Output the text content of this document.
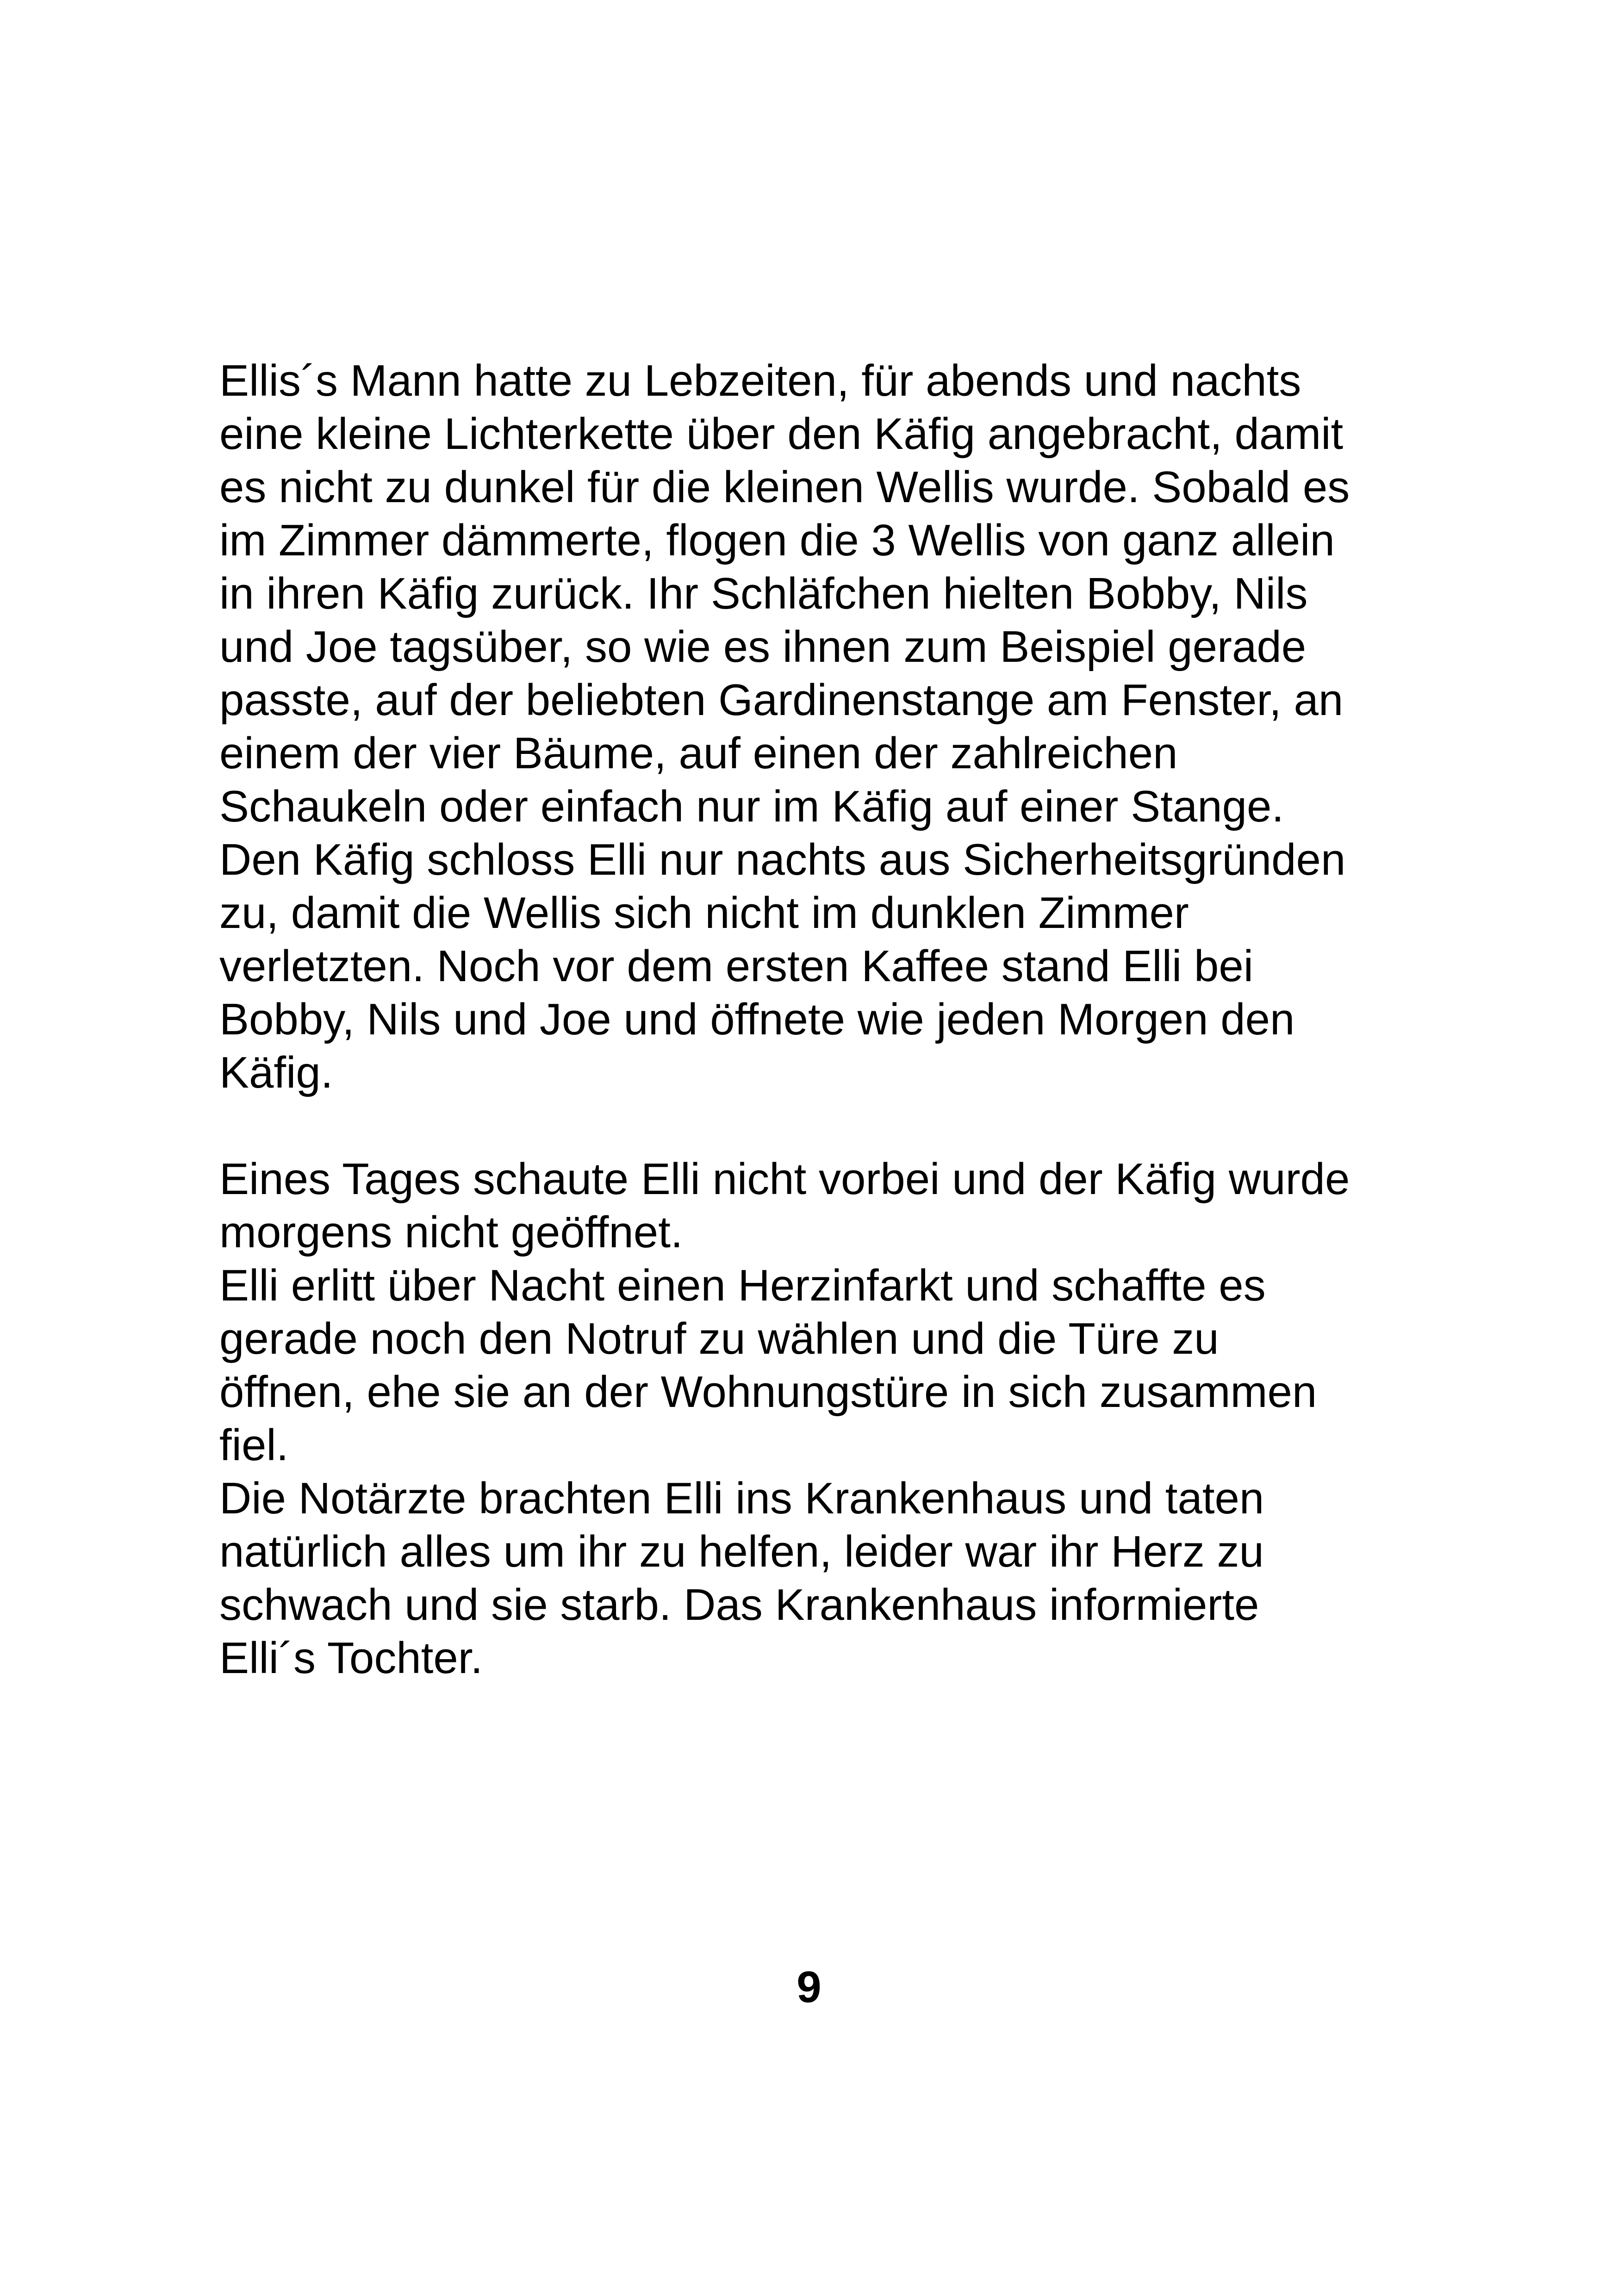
Ellis´s Mann hatte zu Lebzeiten, für abends und nachts
eine kleine Lichterkette über den Käfig angebracht, damit
es nicht zu dunkel für die kleinen Wellis wurde. Sobald es
im Zimmer dämmerte, flogen die 3 Wellis von ganz allein
in ihren Käfig zurück. Ihr Schläfchen hielten Bobby, Nils
und Joe tagsüber, so wie es ihnen zum Beispiel gerade
passte, auf der beliebten Gardinenstange am Fenster, an
einem der vier Bäume, auf einen der zahlreichen
Schaukeln oder einfach nur im Käfig auf einer Stange.
Den Käfig schloss Elli nur nachts aus Sicherheitsgründen
zu, damit die Wellis sich nicht im dunklen Zimmer
verletzten. Noch vor dem ersten Kaffee stand Elli bei
Bobby, Nils und Joe und öffnete wie jeden Morgen den
Käfig.
Eines Tages schaute Elli nicht vorbei und der Käfig wurde
morgens nicht geöffnet.
Elli erlitt über Nacht einen Herzinfarkt und schaffte es
gerade noch den Notruf zu wählen und die Türe zu
öffnen, ehe sie an der Wohnungstüre in sich zusammen
fiel.
Die Notärzte brachten Elli ins Krankenhaus und taten
natürlich alles um ihr zu helfen, leider war ihr Herz zu
schwach und sie starb. Das Krankenhaus informierte
Elli´s Tochter.
9
